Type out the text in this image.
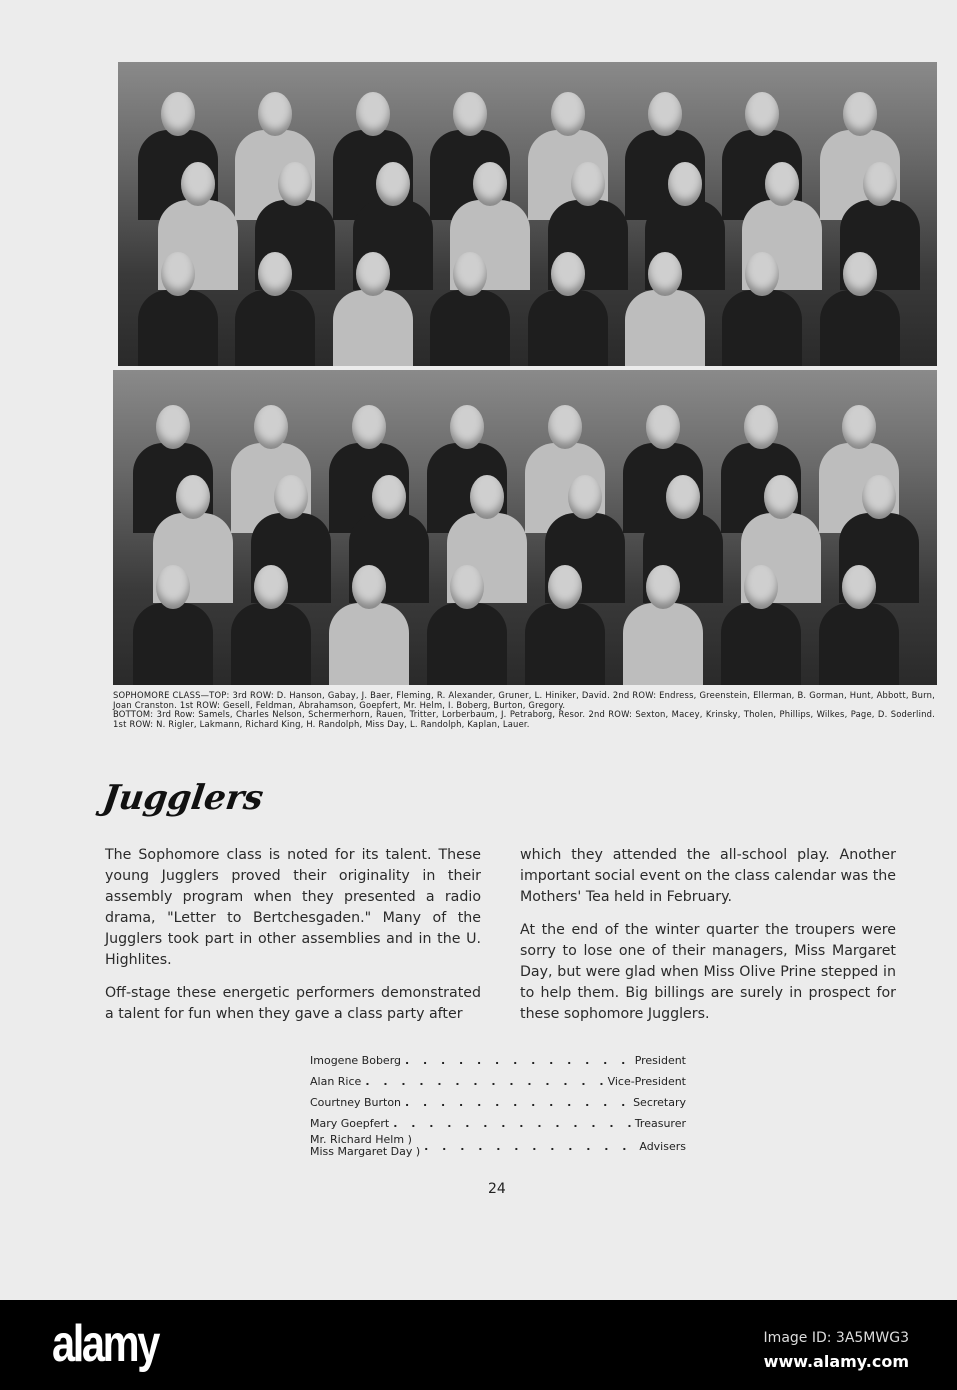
SOPHOMORE CLASS—TOP: 3rd ROW: D. Hanson, Gabay, J. Baer, Fleming, R. Alexander, Gruner, L. Hiniker, David. 2nd ROW: Endress, Greenstein, Ellerman, B. Gorman, Hunt, Abbott, Burn, Joan Cranston. 1st ROW: Gesell, Feldman, Abrahamson, Goepfert, Mr. Helm, I. Boberg, Burton, Gregory.
BOTTOM: 3rd Row: Samels, Charles Nelson, Schermerhorn, Rauen, Tritter, Lorberbaum, J. Petraborg, Resor. 2nd ROW: Sexton, Macey, Krinsky, Tholen, Phillips, Wilkes, Page, D. Soderlind. 1st ROW: N. Rigler, Lakmann, Richard King, H. Randolph, Miss Day, L. Randolph, Kaplan, Lauer.
Jugglers

The Sophomore class is noted for its talent. These young Jugglers proved their originality in their assembly program when they presented a radio drama, "Letter to Bertchesgaden." Many of the Jugglers took part in other assemblies and in the U. Highlites.

Off-stage these energetic performers demonstrated a talent for fun when they gave a class party after

which they attended the all-school play. Another important social event on the class calendar was the Mothers' Tea held in February.

At the end of the winter quarter the troupers were sorry to lose one of their managers, Miss Margaret Day, but were glad when Miss Olive Prine stepped in to help them. Big billings are surely in prospect for these sophomore Jugglers.

Imogene Boberg . . .	President
Alan Rice . . .	Vice-President
Courtney Burton . . .	Secretary
Mary Goepfert . . .	Treasurer
Mr. Richard Helm )
Miss Margaret Day ) . . .	Advisers
24
alamy	Image ID: 3A5MWG3
www.alamy.com
